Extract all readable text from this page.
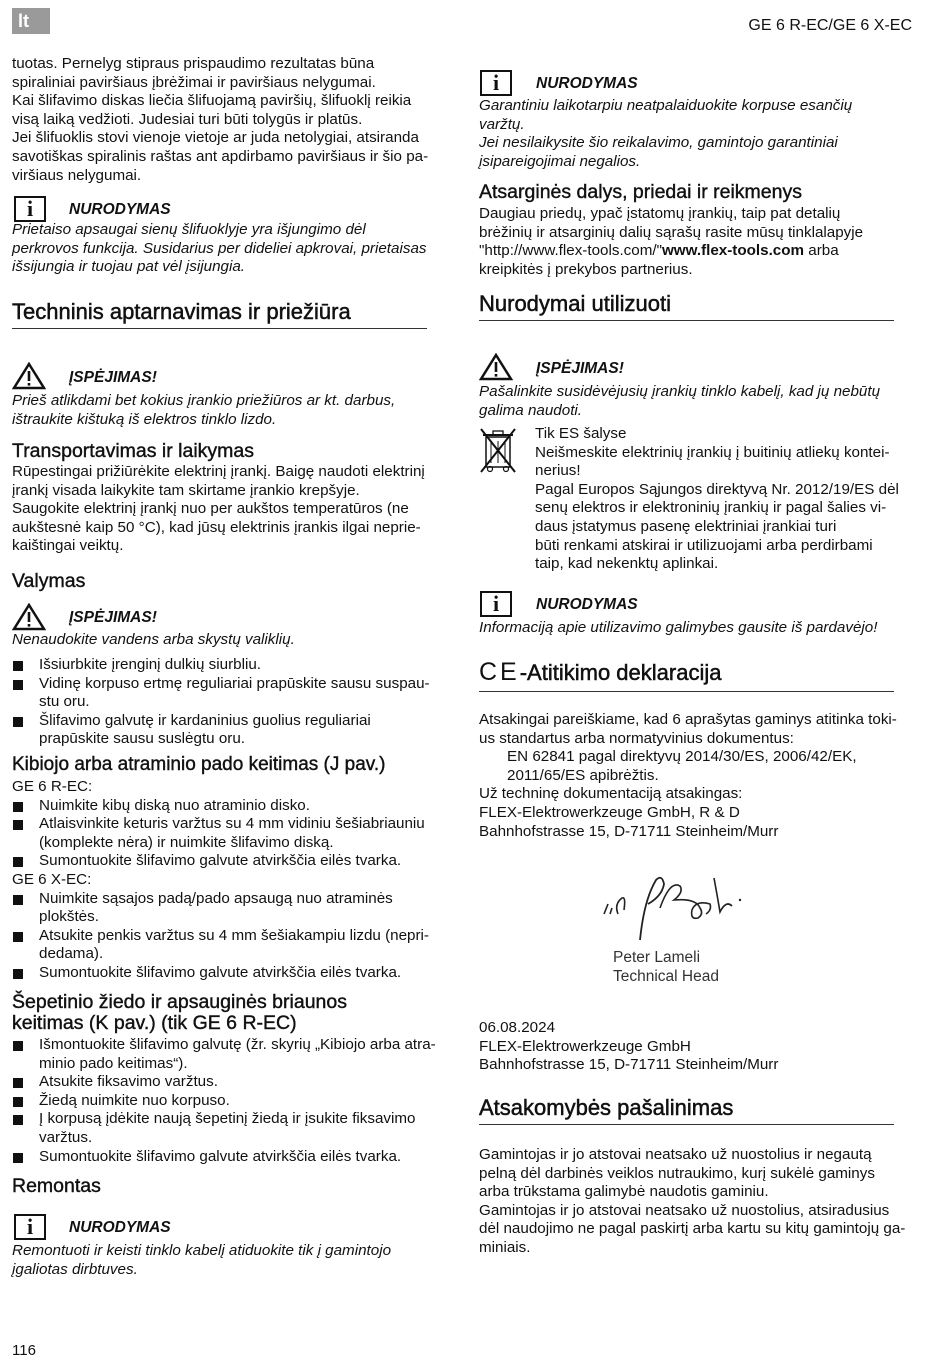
lt	GE 6 R-EC/GE 6 X-EC
tuotas. Pernelyg stipraus prispaudimo rezultatas būna
spiraliniai paviršiaus įbrėžimai ir paviršiaus nelygumai.
Kai šlifavimo diskas liečia šlifuojamą paviršių, šlifuoklį reikia
visą laiką vedžioti. Judesiai turi būti tolygūs ir platūs.
Jei šlifuoklis stovi vienoje vietoje ar juda netolygiai, atsiranda
savotiškas spiralinis raštas ant apdirbamo paviršiaus ir šio pa-
viršiaus nelygumai.
i	NURODYMAS
Prietaiso apsaugai sienų šlifuoklyje yra išjungimo dėl
perkrovos funkcija. Susidarius per dideliei apkrovai, prietaisas
išsijungia ir tuojau pat vėl įsijungia.
Techninis aptarnavimas ir priežiūra
ĮSPĖJIMAS!
Prieš atlikdami bet kokius įrankio priežiūros ar kt. darbus,
ištraukite kištuką iš elektros tinklo lizdo.
Transportavimas ir laikymas
Rūpestingai prižiūrėkite elektrinį įrankį. Baigę naudoti elektrinį
įrankį visada laikykite tam skirtame įrankio krepšyje.
Saugokite elektrinį įrankį nuo per aukštos temperatūros (ne
aukštesnė kaip 50 °C), kad jūsų elektrinis įrankis ilgai neprie-
kaištingai veiktų.
Valymas
ĮSPĖJIMAS!
Nenaudokite vandens arba skystų valiklių.
Išsiurbkite įrenginį dulkių siurbliu.
Vidinę korpuso ertmę reguliariai prapūskite sausu suspau-
stu oru.
Šlifavimo galvutę ir kardaninius guolius reguliariai
prapūskite sausu suslėgtu oru.
Kibiojo arba atraminio pado keitimas (J pav.)
GE 6 R-EC:
Nuimkite kibų diską nuo atraminio disko.
Atlaisvinkite keturis varžtus su 4 mm vidiniu šešiabriauniu
(komplekte nėra) ir nuimkite šlifavimo diską.
Sumontuokite šlifavimo galvute atvirkščia eilės tvarka.
GE 6 X-EC:
Nuimkite sąsajos padą/pado apsaugą nuo atraminės
plokštės.
Atsukite penkis varžtus su 4 mm šešiakampiu lizdu (nepri-
dedama).
Sumontuokite šlifavimo galvute atvirkščia eilės tvarka.
Šepetinio žiedo ir apsauginės briaunos
keitimas (K pav.) (tik GE 6 R-EC)
Išmontuokite šlifavimo galvutę (žr. skyrių „Kibiojo arba atra-
minio pado keitimas“).
Atsukite fiksavimo varžtus.
Žiedą nuimkite nuo korpuso.
Į korpusą įdėkite naują šepetinį žiedą ir įsukite fiksavimo
varžtus.
Sumontuokite šlifavimo galvute atvirkščia eilės tvarka.
Remontas
i	NURODYMAS
Remontuoti ir keisti tinklo kabelį atiduokite tik į gamintojo
įgaliotas dirbtuves.
116
i	NURODYMAS
Garantiniu laikotarpiu neatpalaiduokite korpuse esančių
varžtų.
Jei nesilaikysite šio reikalavimo, gamintojo garantiniai
įsipareigojimai negalios.
Atsarginės dalys, priedai ir reikmenys
Daugiau priedų, ypač įstatomų įrankių, taip pat detalių
brėžinių ir atsarginių dalių sąrašų rasite mūsų tinklalapyje
"http://www.flex-tools.com/"www.flex-tools.com arba
kreipkitės į prekybos partnerius.
Nurodymai utilizuoti
ĮSPĖJIMAS!
Pašalinkite susidėvėjusių įrankių tinklo kabelį, kad jų nebūtų
galima naudoti.
Tik ES šalyse
Neišmeskite elektrinių įrankių į buitinių atliekų kontei-
nerius!
Pagal Europos Sąjungos direktyvą Nr. 2012/19/ES dėl
senų elektros ir elektroninių įrankių ir pagal šalies vi-
daus įstatymus pasenę elektriniai įrankiai turi
būti renkami atskirai ir utilizuojami arba perdirbami
taip, kad nekenktų aplinkai.
i	NURODYMAS
Informaciją apie utilizavimo galimybes gausite iš pardavėjo!
CE-Atitikimo deklaracija
Atsakingai pareiškiame, kad 6 aprašytas gaminys atitinka toki-
us standartus arba normatyvinius dokumentus:
EN 62841 pagal direktyvų 2014/30/ES, 2006/42/EK,
2011/65/ES apibrėžtis.
Už techninę dokumentaciją atsakingas:
FLEX-Elektrowerkzeuge GmbH, R & D
Bahnhofstrasse 15, D-71711 Steinheim/Murr
Peter Lameli
Technical Head
06.08.2024
FLEX-Elektrowerkzeuge GmbH
Bahnhofstrasse 15, D-71711 Steinheim/Murr
Atsakomybės pašalinimas
Gamintojas ir jo atstovai neatsako už nuostolius ir negautą
pelną dėl darbinės veiklos nutraukimo, kurį sukėlė gaminys
arba trūkstama galimybė naudotis gaminiu.
Gamintojas ir jo atstovai neatsako už nuostolius, atsiradusius
dėl naudojimo ne pagal paskirtį arba kartu su kitų gamintojų ga-
miniais.
